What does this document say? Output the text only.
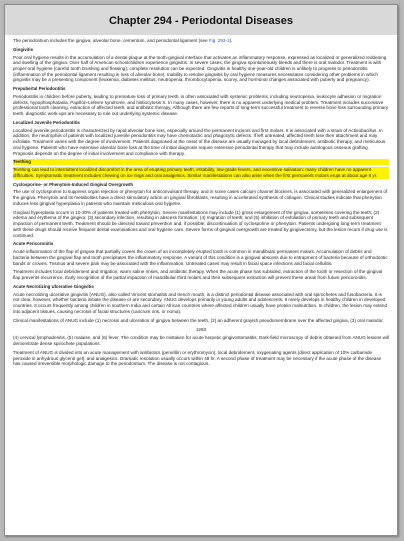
Chapter 294 - Periodontal Diseases

The periodontium includes the gingiva, alveolar bone, cementum, and periodontal ligament (see Fig. 293-1).

Gingivitis

Poor oral hygiene results in the accumulation of a dental plaque at the tooth-gingival interface that activates an inflammatory response, expressed as localized or generalized reddening and swelling of the gingiva. Over half of American schoolchildren experience gingivitis. In severe cases, the gingiva spontaneously bleeds and there is oral malodor. Treatment is with proper oral hygiene (careful tooth brushing and flossing); complete resolution can be expected. Gingivitis in healthy one-year-old children is unlikely to progress to periodontitis (inflammation of the periodontal ligament resulting in loss of alveolar bone). Inability to resolve gingivitis by oral hygiene measures necessitates considering other problems in which gingivitis may be a presenting component (leukemia, diabetes mellitus, neutropenia, thrombocytopenia, scurvy, and hormonal changes associated with puberty and pregnancy).

Prepubertal Periodontitis

Periodontitis in children before puberty, leading to premature loss of primary teeth, is often associated with systemic problems, including neutropenia, leukocyte adhesion or migration defects, hypophosphatasia, Papillon-Lefevre syndrome, and histiocytosis X. In many cases, however, there is no apparent underlying medical problem. Treatment includes successive professional tooth cleaning, extraction of affected teeth, and antibiotic therapy. Although there are few reports of long-term successful treatment to reverse bone loss surrounding primary teeth, diagnostic work-ups are necessary to rule out underlying systemic disease.

Localized Juvenile Periodontitis

Localized juvenile periodontitis is characterized by rapid alveolar bone loss, especially around the permanent incisors and first molars. It is associated with a strain of Actinobacillus. In addition, the neutrophils of patients with localized juvenile periodontitis may have chemotactic and phagocytic defects. If left untreated, affected teeth lose their attachment and may exfoliate. Treatment varies with the degree of involvement. Patients diagnosed at the onset of the disease are usually managed by local debridement, antibiotic therapy, and meticulous oral hygiene. Patients who have extensive alveolar bone loss at the time of initial diagnosis require extensive periodontal therapy that may include autologous osseous grafting. Prognosis depends on the degree of initial involvement and compliance with therapy.

Teething

Teething can lead to intermittent localized discomfort in the area of erupting primary teeth, irritability, low-grade fevers, and excessive salivation; many children have no apparent difficulties. Symptomatic treatment includes chewing on ice rings and oral analgesics. Similar manifestations can also arise when the first permanent molars erupt at about age 6 yr.

Cyclosporine- or Phenytoin-Induced Gingival Overgrowth

The use of cyclosporine to suppress organ rejection or phenytoin for anticonvulsant therapy, and in some cases calcium channel blockers, is associated with generalized enlargement of the gingiva. Phenytoin and its metabolites have a direct stimulatory action on gingival fibroblasts, resulting in accelerated synthesis of collagen. Clinical studies indicate that phenytoin induces less gingival hyperplasia in patients who maintain meticulous oral hygiene.

Gingival hyperplasia occurs in 10-30% of patients treated with phenytoin. Severe manifestations may include (1) gross enlargement of the gingiva, sometimes covering the teeth; (2) edema and erythema of the gingiva; (3) secondary infection, resulting in abscess formation; (4) migration of teeth; and (5) inhibition of exfoliation of primary teeth and subsequent impaction of permanent teeth. Treatment should be directed toward prevention and, if possible, discontinuation of cyclosporine or phenytoin. Patients undergoing long-term treatment with these drugs should receive frequent dental examinations and oral hygiene care. Severe forms of gingival overgrowth are treated by gingivectomy, but the lesion recurs if drug use is continued.

Acute Pericoronitis

Acute inflammation of the flap of gingiva that partially covers the crown of an incompletely erupted tooth is common in mandibular permanent molars. Accumulation of debris and bacteria between the gingival flap and tooth precipitates the inflammatory response. A variant of this condition is a gingival abscess due to entrapment of bacteria because of orthodontic bands or crowns. Trismus and severe pain may be associated with the inflammation. Untreated cases may result in facial space infections and facial cellulitis.

Treatment includes local debridement and irrigation, warm saline rinses, and antibiotic therapy. When the acute phase has subsided, extraction of the tooth or resection of the gingival flap prevents recurrence. Early recognition of the partial impaction of mandibular third molars and their subsequent extraction will prevent these areas from future pericoronitis.

Acute Necrotizing Ulcerative Gingivitis

Acute necrotizing ulcerative gingivitis (ANUG), also called Vincent stomatitis and trench mouth, is a distinct periodontal disease associated with oral spirochetes and fusobacteria. It is not clear, however, whether bacteria initiate the disease or are secondary. ANUG develops primarily in young adults and adolescents. It rarely develops in healthy children in developed countries. It occurs frequently among children in southern India and certain African countries where affected children usually have protein malnutrition. In children, the lesion may extend into adjacent tissues, causing necrosis of facial structures (cancrum oris, or noma).

Clinical manifestations of ANUG include (1) necrosis and ulceration of gingiva between the teeth, (2) an adherent grayish pseudomembrane over the affected gingiva, (3) oral malodor,

1263

(4) cervical lymphadenitis, (5) malaise, and (6) fever. The condition may be mistaken for acute herpetic gingivostomatitis. Dark-field microscopy of debris obtained from ANUG lesions will demonstrate dense spirochete populations.

Treatment of ANUG is divided into an acute management with antibiotics (penicillin or erythromycin), local debridement, oxygenating agents (direct application of 10% carbamide peroxide in anhydrous glycerol gel), and analgesics. Dramatic resolution usually occurs within 48 hr. A second phase of treatment may be necessary if the acute phase of the disease has caused irreversible morphologic damage to the periodontium. The disease is not contagious.
